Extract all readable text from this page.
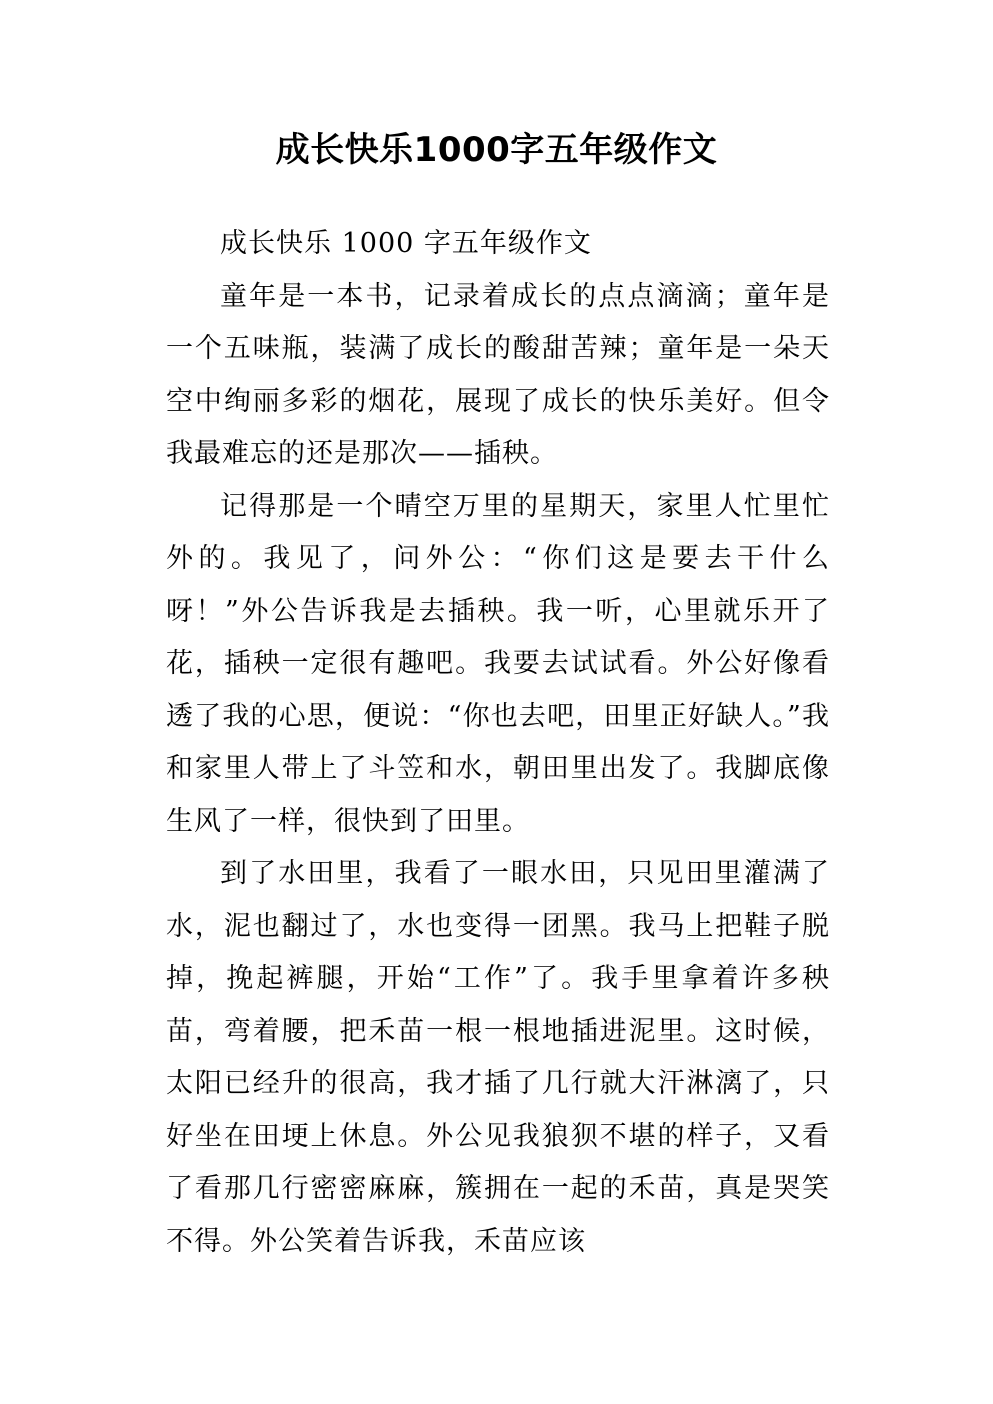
成长快乐1000字五年级作文

成长快乐 1000 字五年级作文

童年是一本书，记录着成长的点点滴滴；童年是一个五味瓶，装满了成长的酸甜苦辣；童年是一朵天空中绚丽多彩的烟花，展现了成长的快乐美好。但令我最难忘的还是那次——插秧。

记得那是一个晴空万里的星期天，家里人忙里忙外的。我见了，问外公：“你们这是要去干什么呀！”外公告诉我是去插秧。我一听，心里就乐开了花，插秧一定很有趣吧。我要去试试看。外公好像看透了我的心思，便说：“你也去吧，田里正好缺人。”我和家里人带上了斗笠和水，朝田里出发了。我脚底像生风了一样，很快到了田里。

到了水田里，我看了一眼水田，只见田里灌满了水，泥也翻过了，水也变得一团黑。我马上把鞋子脱掉，挽起裤腿，开始“工作”了。我手里拿着许多秧苗，弯着腰，把禾苗一根一根地插进泥里。这时候，太阳已经升的很高，我才插了几行就大汗淋漓了，只好坐在田埂上休息。外公见我狼狈不堪的样子，又看了看那几行密密麻麻，簇拥在一起的禾苗，真是哭笑不得。外公笑着告诉我，禾苗应该
